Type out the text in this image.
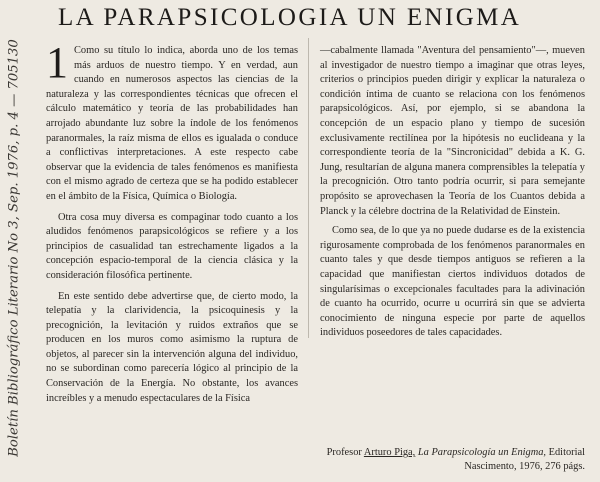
LA PARAPSICOLOGIA UN ENIGMA
Boletín Bibliográfico Literario No 3, Sep. 1976, p. 4 — 705130 1 Como su título lo indica, aborda uno de los temas más arduos de nuestro tiempo. Y en verdad, aun cuando en numerosos aspectos las ciencias de la naturaleza y las correspondientes técnicas que ofrecen el cálculo matemático y teoría de las probabilidades han arrojado abundante luz sobre la índole de los fenómenos paranormales, la raíz misma de ellos es igualada o conduce a conflictivas interpretaciones. A este respecto cabe observar que la evidencia de tales fenómenos es manifiesta con el mismo agrado de certeza que se ha podido establecer en el ámbito de la Física, Química o Biología.

Otra cosa muy diversa es compaginar todo cuanto a los aludidos fenómenos parapsicológicos se refiere y a los principios de casualidad tan estrechamente ligados a la concepción espacio-temporal de la ciencia clásica y la consideración filosófica pertinente.

En este sentido debe advertirse que, de cierto modo, la telepatía y la clarividencia, la psicoquinesis y la precognición, la levitación y ruidos extraños que se producen en los muros como asimismo la ruptura de objetos, al parecer sin la intervención alguna del individuo, no se subordinan como parecería lógico al principio de la Conservación de la Energía. No obstante, los avances increíbles y a menudo espectaculares de la Física

—cabalmente llamada "Aventura del pensamiento"—, mueven al investigador de nuestro tiempo a imaginar que otras leyes, criterios o principios pueden dirigir y explicar la naturaleza o condición íntima de cuanto se relaciona con los fenómenos parapsicológicos. Así, por ejemplo, si se abandona la concepción de un espacio plano y tiempo de sucesión exclusivamente rectilínea por la hipótesis no euclideana y la correspondiente teoría de la "Sincronicidad" debida a K. G. Jung, resultarían de alguna manera comprensibles la telepatía y la precognición. Otro tanto podría ocurrir, si para semejante propósito se aprovechasen la Teoría de los Cuantos debida a Planck y la célebre doctrina de la Relatividad de Einstein.

Como sea, de lo que ya no puede dudarse es de la existencia rigurosamente comprobada de los fenómenos paranormales en cuanto tales y que desde tiempos antiguos se refieren a la capacidad que manifiestan ciertos individuos dotados de singularísimas o excepcionales facultades para la adivinación de cuanto ha ocurrido, ocurre u ocurrirá sin que se advierta conocimiento de ninguna especie por parte de aquellos individuos poseedores de tales capacidades.

Profesor Arturo Piga, La Parapsicología un Enigma, Editorial Nascimento, 1976, 276 págs.
